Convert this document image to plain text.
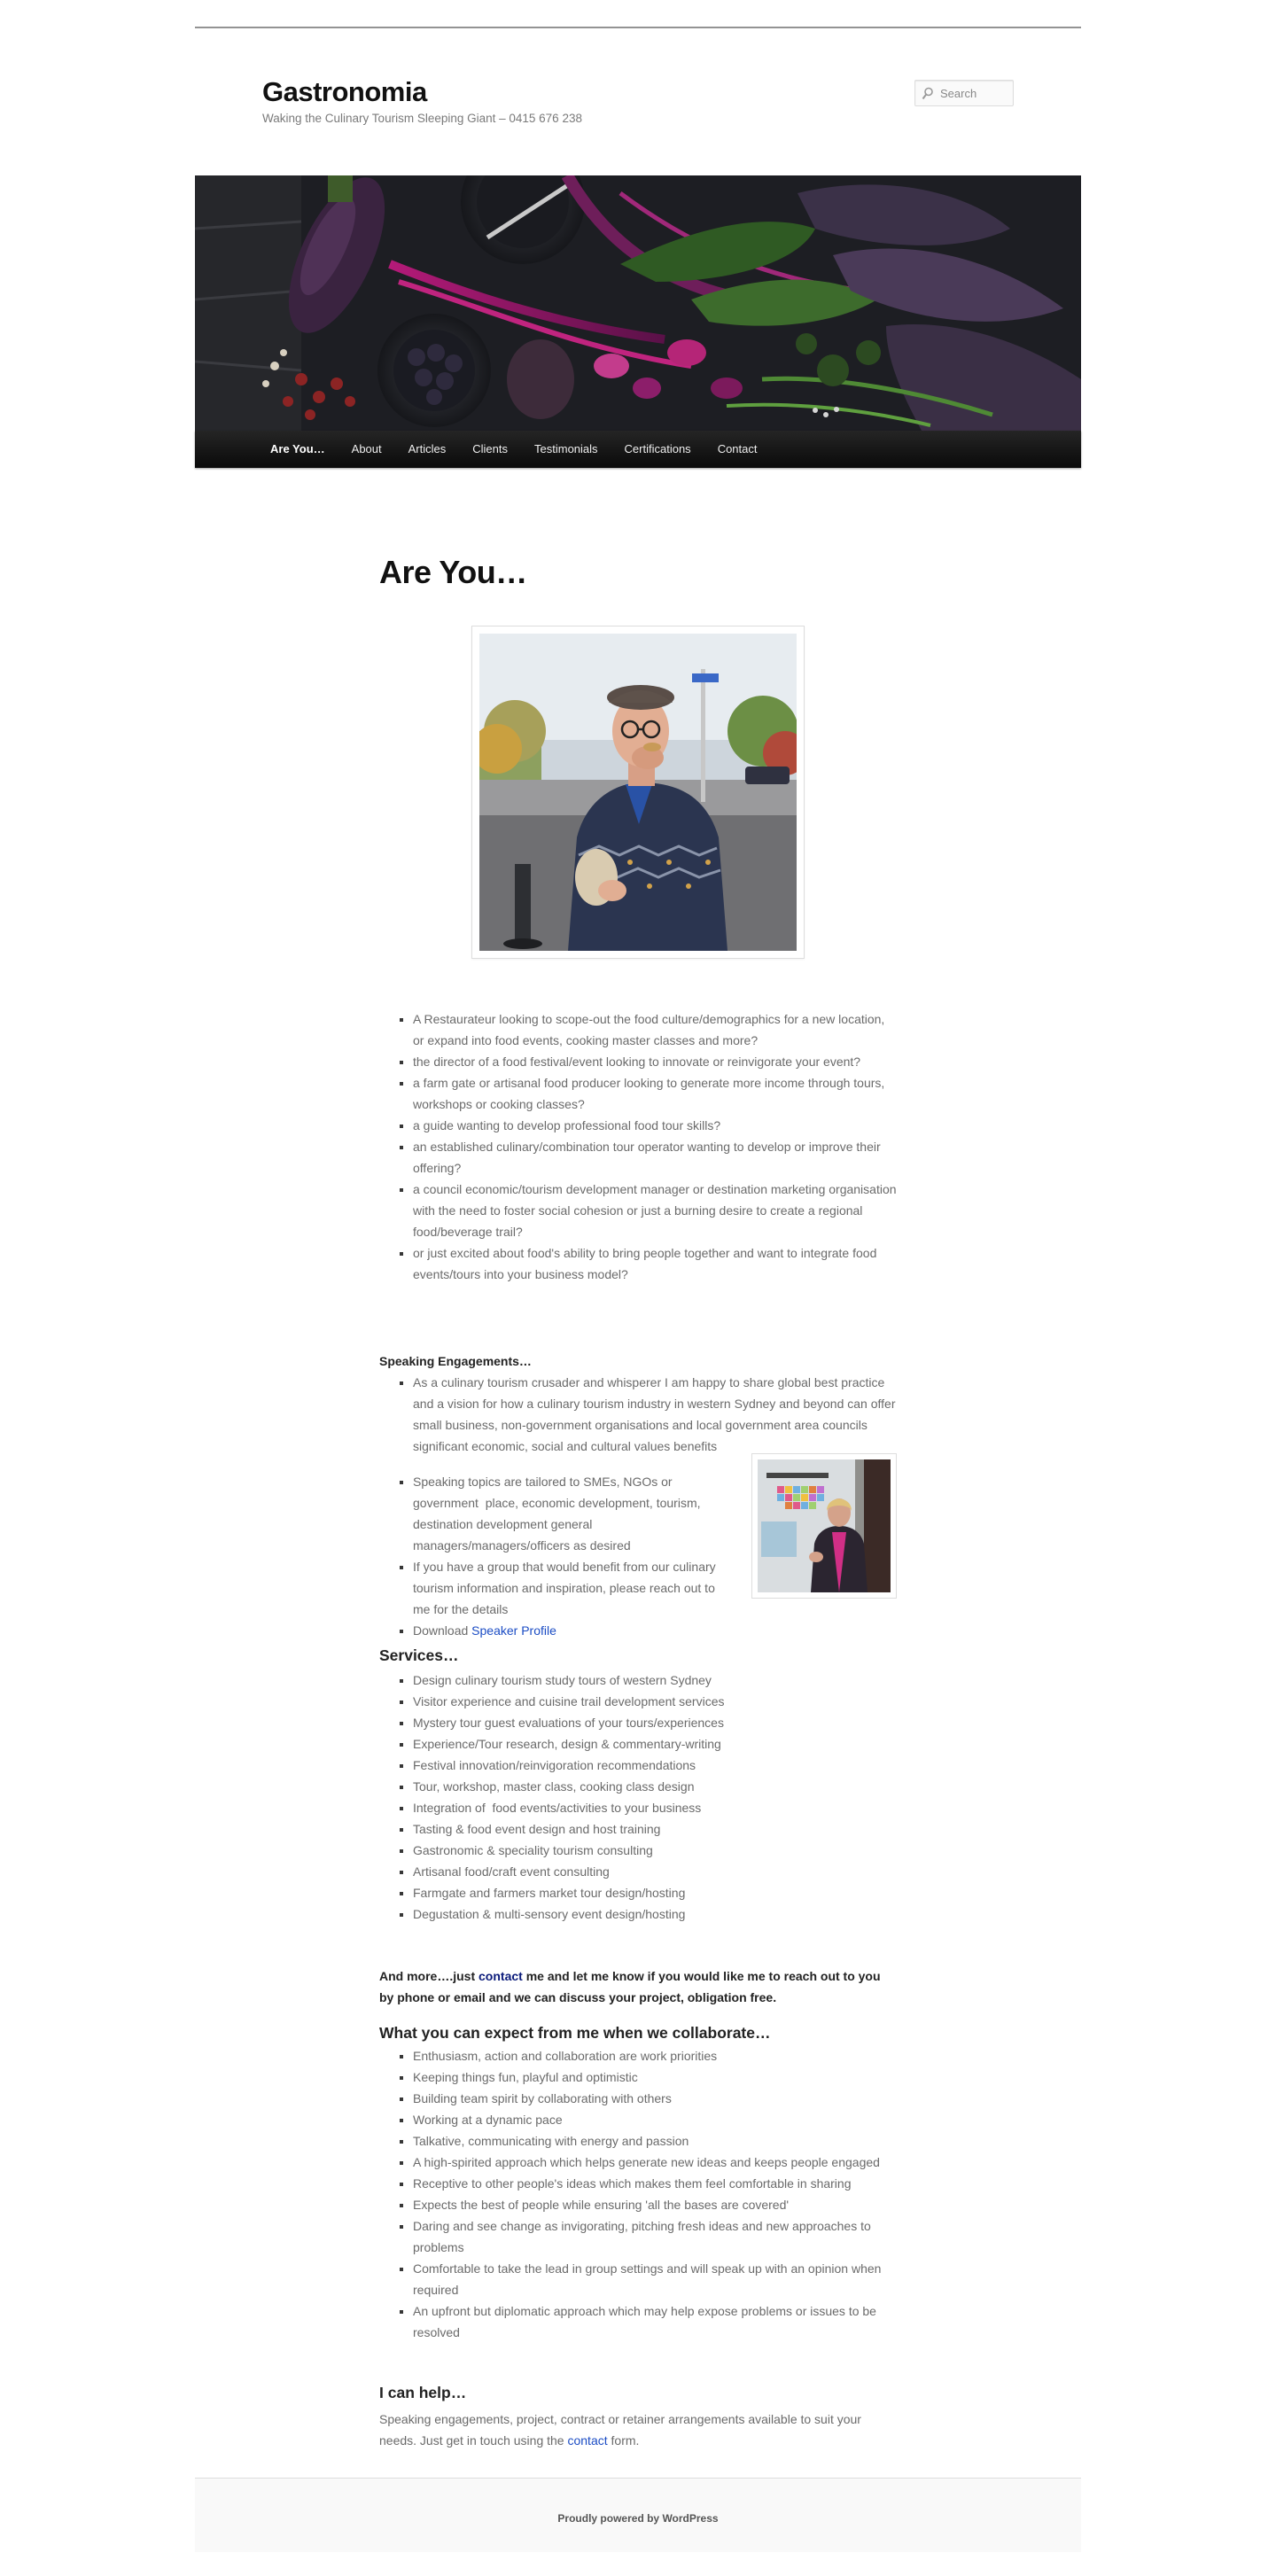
Gastronomia
Waking the Culinary Tourism Sleeping Giant – 0415 676 238
Search
Are You…	About	Articles	Clients	Testimonials	Certifications	Contact
Are You…
▪ A Restaurateur looking to scope-out the food culture/demographics for a new location, or expand into food events, cooking master classes and more?
▪ the director of a food festival/event looking to innovate or reinvigorate your event?
▪ a farm gate or artisanal food producer looking to generate more income through tours, workshops or cooking classes?
▪ a guide wanting to develop professional food tour skills?
▪ an established culinary/combination tour operator wanting to develop or improve their offering?
▪ a council economic/tourism development manager or destination marketing organisation with the need to foster social cohesion or just a burning desire to create a regional food/beverage trail?
▪ or just excited about food's ability to bring people together and want to integrate food events/tours into your business model?
Speaking Engagements…
▪ As a culinary tourism crusader and whisperer I am happy to share global best practice and a vision for how a culinary tourism industry in western Sydney and beyond can offer small business, non-government organisations and local government area councils significant economic, social and cultural values benefits
▪ Speaking topics are tailored to SMEs, NGOs or government  place, economic development, tourism, destination development general managers/managers/officers as desired
▪ If you have a group that would benefit from our culinary tourism information and inspiration, please reach out to me for the details
▪ Download Speaker Profile
Services…
▪ Design culinary tourism study tours of western Sydney
▪ Visitor experience and cuisine trail development services
▪ Mystery tour guest evaluations of your tours/experiences
▪ Experience/Tour research, design & commentary-writing
▪ Festival innovation/reinvigoration recommendations
▪ Tour, workshop, master class, cooking class design
▪ Integration of  food events/activities to your business
▪ Tasting & food event design and host training
▪ Gastronomic & speciality tourism consulting
▪ Artisanal food/craft event consulting
▪ Farmgate and farmers market tour design/hosting
▪ Degustation & multi-sensory event design/hosting

And more….just contact me and let me know if you would like me to reach out to you by phone or email and we can discuss your project, obligation free.

What you can expect from me when we collaborate…
▪ Enthusiasm, action and collaboration are work priorities
▪ Keeping things fun, playful and optimistic
▪ Building team spirit by collaborating with others
▪ Working at a dynamic pace
▪ Talkative, communicating with energy and passion
▪ A high-spirited approach which helps generate new ideas and keeps people engaged
▪ Receptive to other people's ideas which makes them feel comfortable in sharing
▪ Expects the best of people while ensuring 'all the bases are covered'
▪ Daring and see change as invigorating, pitching fresh ideas and new approaches to problems
▪ Comfortable to take the lead in group settings and will speak up with an opinion when required
▪ An upfront but diplomatic approach which may help expose problems or issues to be resolved
I can help…

Speaking engagements, project, contract or retainer arrangements available to suit your needs. Just get in touch using the contact form.

Proudly powered by WordPress
